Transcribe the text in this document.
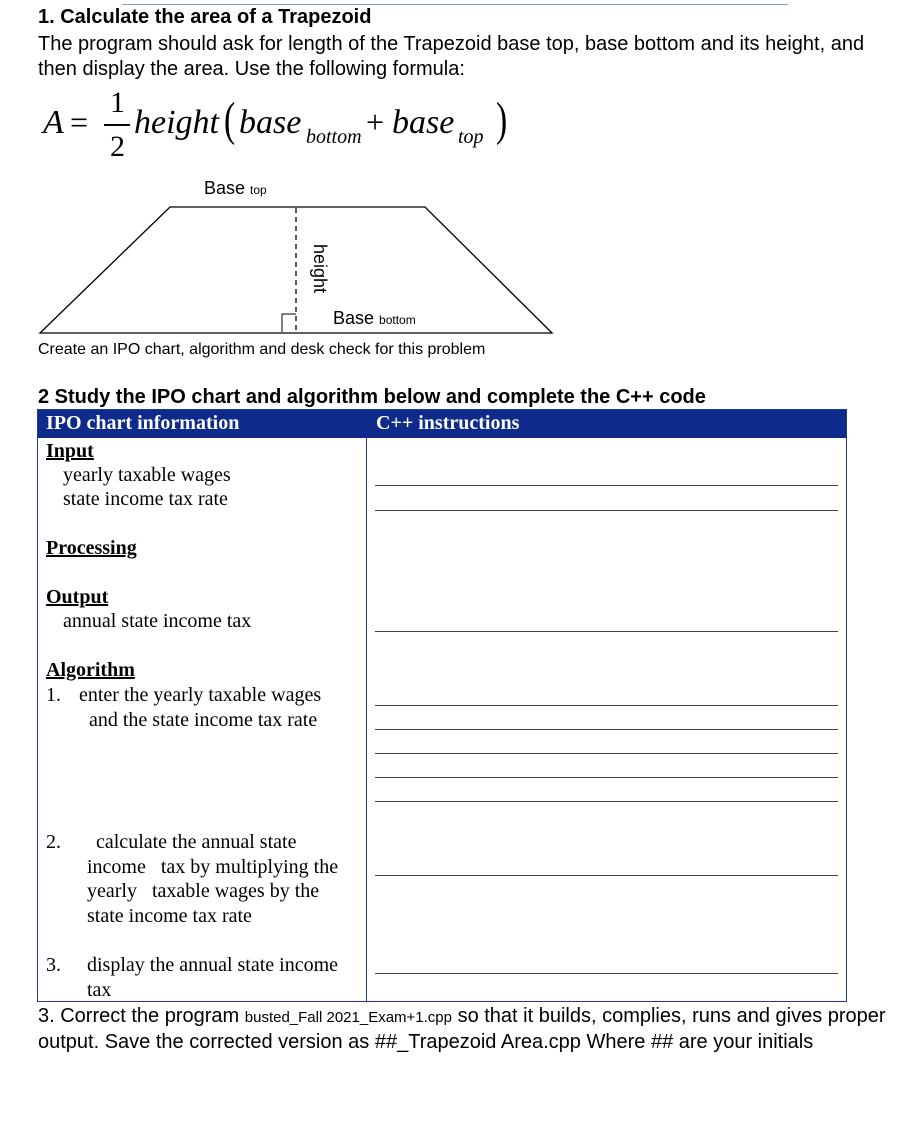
1. Calculate the area of a Trapezoid
The program should ask for length of the Trapezoid base top, base bottom and its height, and then display the area. Use the following formula:
A =
1
2
height ( base bottom + base top )
Base top
height
Base bottom
Create an IPO chart, algorithm and desk check for this problem
2 Study the IPO chart and algorithm below and complete the C++ code
IPO chart information	C++ instructions
Input
yearly taxable wages
state income tax rate
Processing
Output
annual state income tax
Algorithm
1. enter the yearly taxable wages
and the state income tax rate
2. calculate the annual state
income   tax by multiplying the
yearly   taxable wages by the
state income tax rate
3. display the annual state income
tax
3. Correct the program busted_Fall 2021_Exam+1.cpp so that it builds, complies, runs and gives proper output. Save the corrected version as ##_Trapezoid Area.cpp Where ## are your initials
